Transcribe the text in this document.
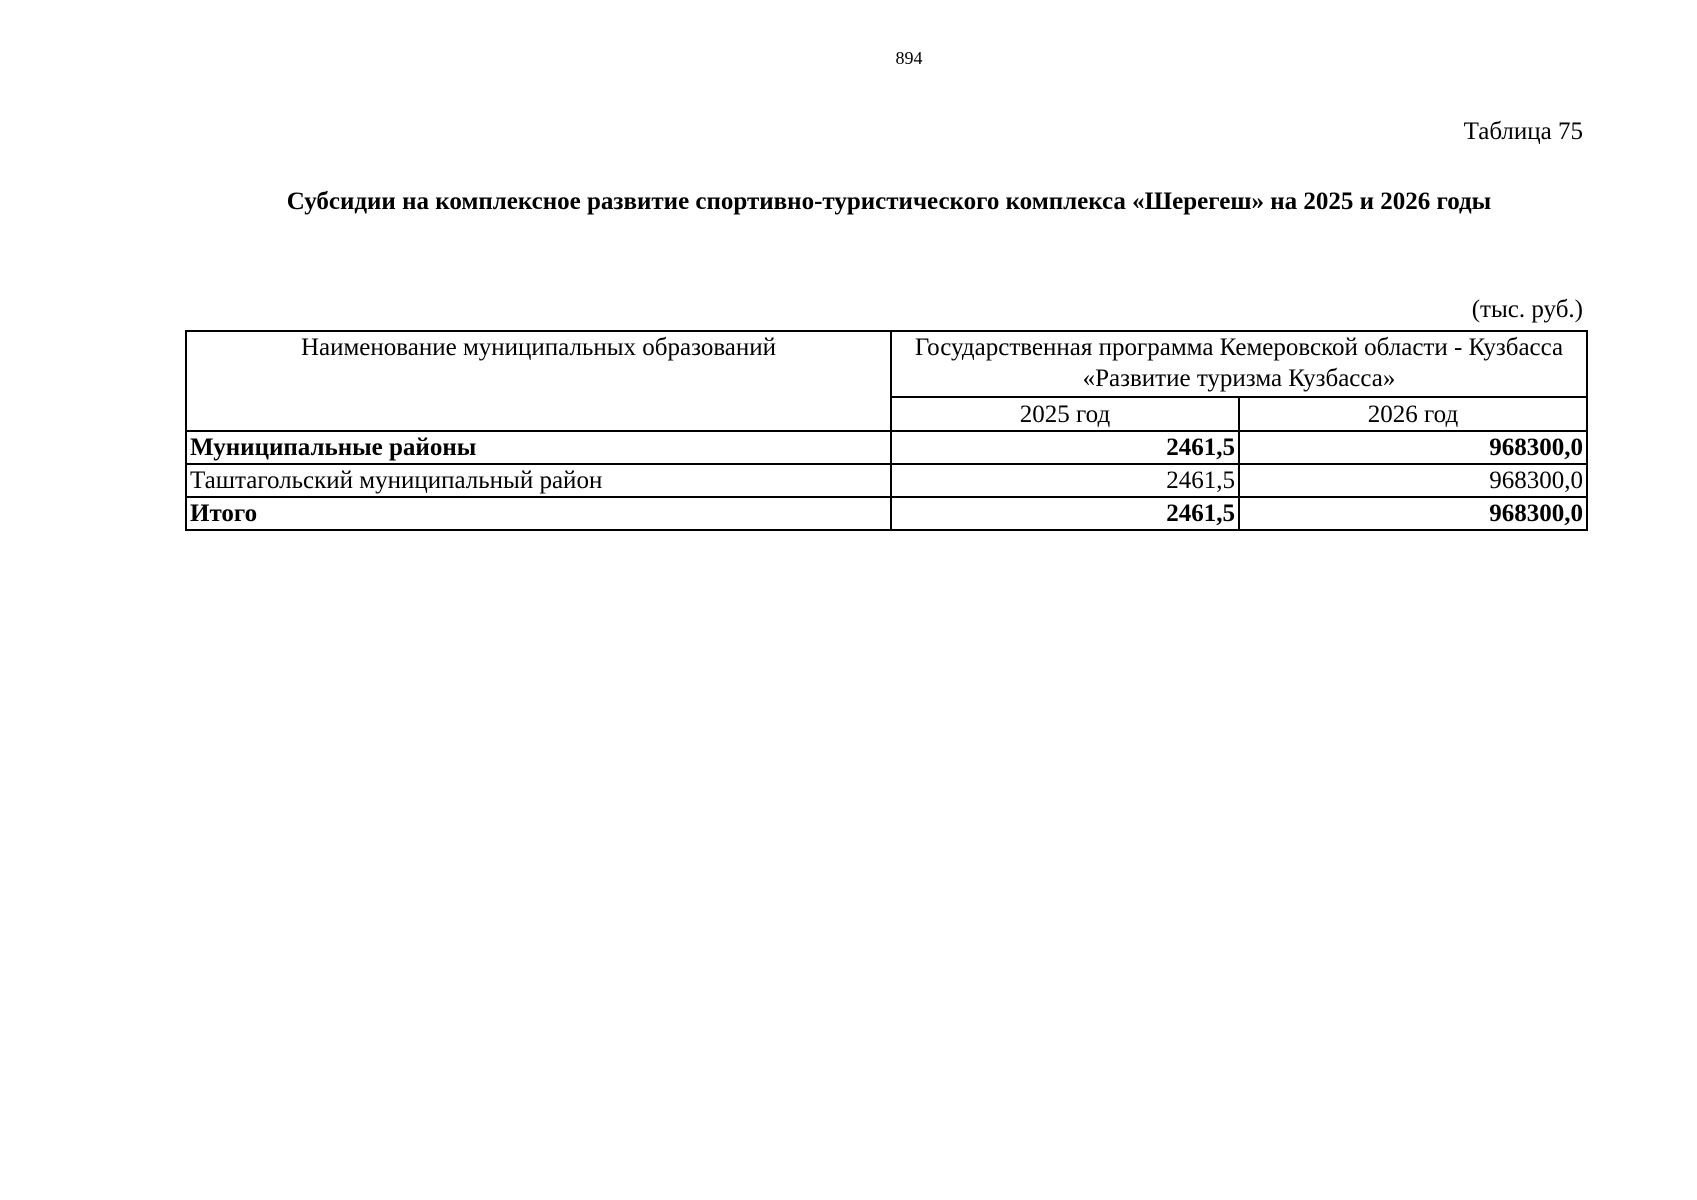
894
Таблица 75
Субсидии на комплексное развитие спортивно-туристического комплекса «Шерегеш» на 2025 и 2026 годы
(тыс. руб.)
Наименование муниципальных образований	Государственная программа Кемеровской области - Кузбасса
«Развитие туризма Кузбасса»	
	2025 год	2026 год
Муниципальные районы	2461,5	968300,0
Таштагольский муниципальный район	2461,5	968300,0
Итого	2461,5	968300,0
